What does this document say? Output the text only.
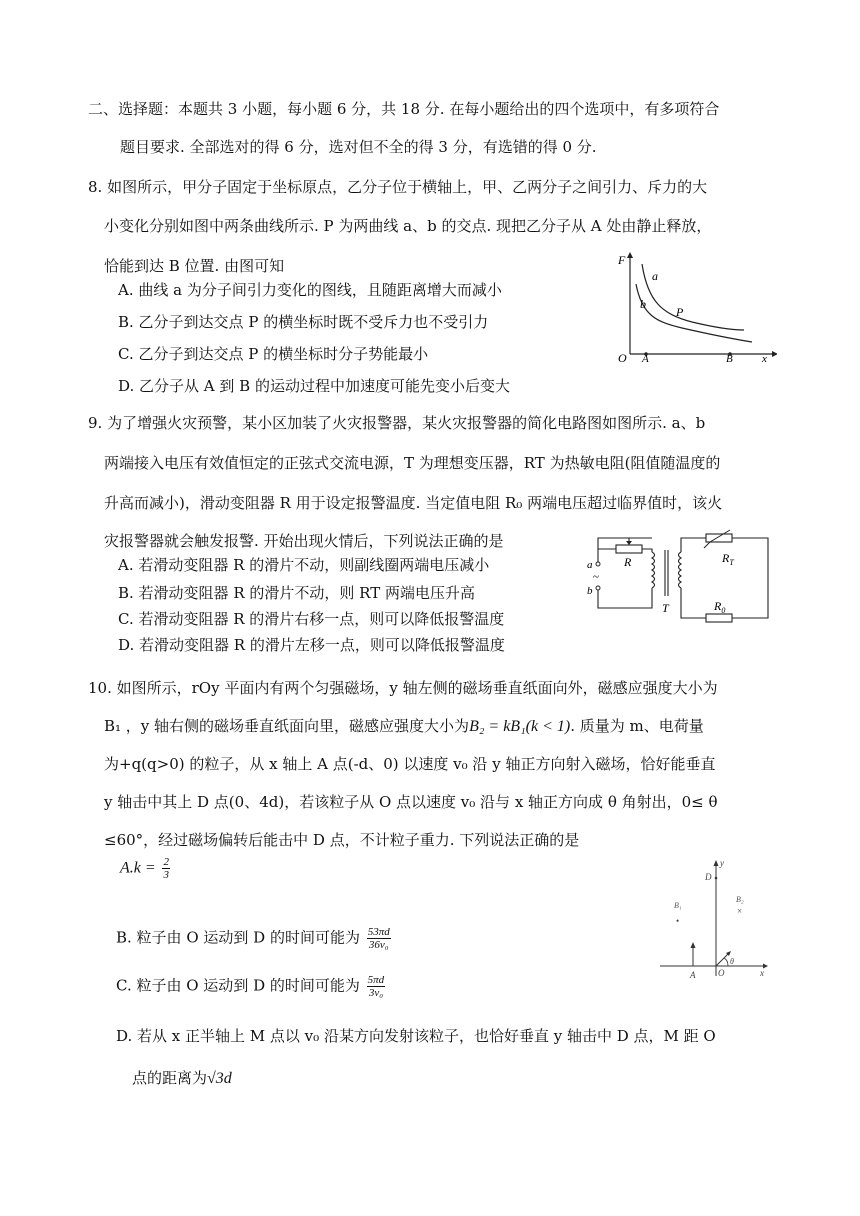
二、选择题：本题共 3 小题，每小题 6 分，共 18 分. 在每小题给出的四个选项中，有多项符合
题目要求. 全部选对的得 6 分，选对但不全的得 3 分，有选错的得 0 分.
8. 如图所示，甲分子固定于坐标原点，乙分子位于横轴上，甲、乙两分子之间引力、斥力的大
小变化分别如图中两条曲线所示. P 为两曲线 a、b 的交点. 现把乙分子从 A 处由静止释放，
恰能到达 B 位置. 由图可知
A. 曲线 a 为分子间引力变化的图线，且随距离增大而减小
B. 乙分子到达交点 P 的横坐标时既不受斥力也不受引力
C. 乙分子到达交点 P 的横坐标时分子势能最小
D. 乙分子从 A 到 B 的运动过程中加速度可能先变小后变大
F
a
b
P
O A	B	x
9. 为了增强火灾预警，某小区加装了火灾报警器，某火灾报警器的简化电路图如图所示. a、b
两端接入电压有效值恒定的正弦式交流电源，T 为理想变压器，RT 为热敏电阻(阻值随温度的
升高而减小)，滑动变阻器 R 用于设定报警温度. 当定值电阻 R₀ 两端电压超过临界值时，该火
灾报警器就会触发报警. 开始出现火情后，下列说法正确的是
A. 若滑动变阻器 R 的滑片不动，则副线圈两端电压减小
B. 若滑动变阻器 R 的滑片不动，则 RT 两端电压升高
C. 若滑动变阻器 R 的滑片右移一点，则可以降低报警温度
D. 若滑动变阻器 R 的滑片左移一点，则可以降低报警温度
a
~
b
R	$R_T$
$R_0$
T
10. 如图所示，rOy 平面内有两个匀强磁场，y 轴左侧的磁场垂直纸面向外，磁感应强度大小为
B₁ ，y 轴右侧的磁场垂直纸面向里，磁感应强度大小为B₂ = kB₁(k < 1). 质量为 m、电荷量
为+q(q>0) 的粒子，从 x 轴上 A 点(-d、0) 以速度 v₀ 沿 y 轴正方向射入磁场，恰好能垂直
y 轴击中其上 D 点(0、4d)，若该粒子从 O 点以速度 v₀ 沿与 x 轴正方向成 θ 角射出，0≤ θ
≤60°，经过磁场偏转后能击中 D 点，不计粒子重力. 下列说法正确的是
$A.k = \frac{2}{3}$
B. 粒子由 O 运动到 D 的时间可能为 $\frac{53\pi d}{\text{36v₀}}$
C. 粒子由 O 运动到 D 的时间可能为 $\frac{5\pi d}{\text{3v₀}}$
D. 若从 x 正半轴上 M 点以 v₀ 沿某方向发射该粒子，也恰好垂直 y 轴击中 D 点，M 距 O
点的距离为√3d
y
D
B₁
•
B₂
×
A	O
θ
x
